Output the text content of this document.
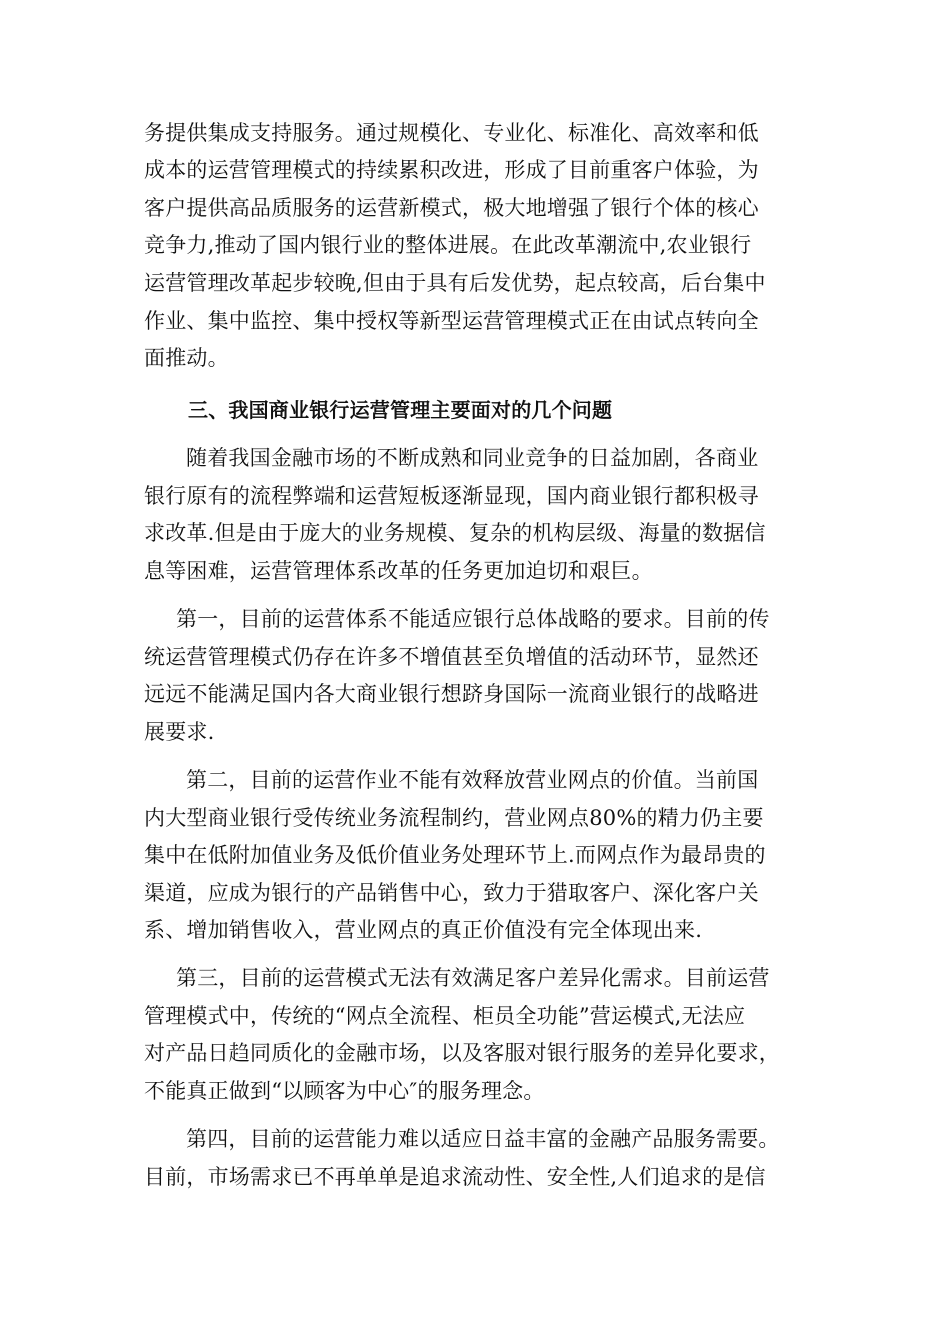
务提供集成支持服务。通过规模化、专业化、标准化、高效率和低
成本的运营管理模式的持续累积改进，形成了目前重客户体验，为
客户提供高品质服务的运营新模式，极大地增强了银行个体的核心
竞争力,推动了国内银行业的整体进展。在此改革潮流中,农业银行
运营管理改革起步较晚,但由于具有后发优势，起点较高，后台集中
作业、集中监控、集中授权等新型运营管理模式正在由试点转向全
面推动。
三、我国商业银行运营管理主要面对的几个问题
随着我国金融市场的不断成熟和同业竞争的日益加剧，各商业
银行原有的流程弊端和运营短板逐渐显现，国内商业银行都积极寻
求改革.但是由于庞大的业务规模、复杂的机构层级、海量的数据信
息等困难，运营管理体系改革的任务更加迫切和艰巨。
第一，目前的运营体系不能适应银行总体战略的要求。目前的传
统运营管理模式仍存在许多不增值甚至负增值的活动环节，显然还
远远不能满足国内各大商业银行想跻身国际一流商业银行的战略进
展要求.
第二，目前的运营作业不能有效释放营业网点的价值。当前国
内大型商业银行受传统业务流程制约，营业网点80%的精力仍主要
集中在低附加值业务及低价值业务处理环节上.而网点作为最昂贵的
渠道，应成为银行的产品销售中心，致力于猎取客户、深化客户关
系、增加销售收入，营业网点的真正价值没有完全体现出来.
第三，目前的运营模式无法有效满足客户差异化需求。目前运营
管理模式中，传统的“网点全流程、柜员全功能”营运模式,无法应
对产品日趋同质化的金融市场，以及客服对银行服务的差异化要求，
不能真正做到“以顾客为中心″的服务理念。
第四，目前的运营能力难以适应日益丰富的金融产品服务需要。
目前，市场需求已不再单单是追求流动性、安全性,人们追求的是信
